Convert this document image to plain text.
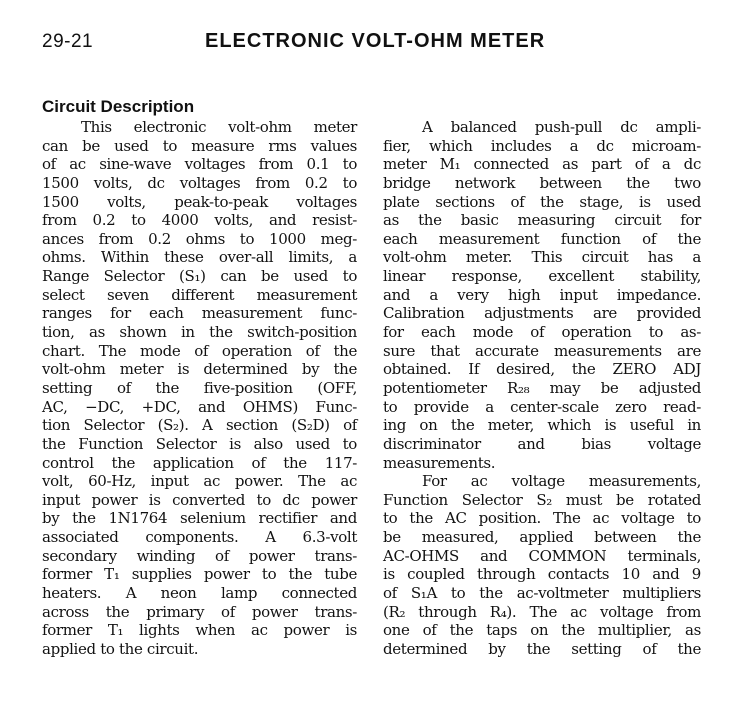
29-21	ELECTRONIC VOLT-OHM METER
Circuit Description
This electronic volt-ohm meter
can be used to measure rms values
of ac sine-wave voltages from 0.1 to
1500 volts, dc voltages from 0.2 to
1500 volts, peak-to-peak voltages
from 0.2 to 4000 volts, and resist-
ances from 0.2 ohms to 1000 meg-
ohms. Within these over-all limits, a
Range Selector (S₁) can be used to
select seven different measurement
ranges for each measurement func-
tion, as shown in the switch-position
chart. The mode of operation of the
volt-ohm meter is determined by the
setting of the five-position (OFF,
AC, −DC, +DC, and OHMS) Func-
tion Selector (S₂). A section (S₂D) of
the Function Selector is also used to
control the application of the 117-
volt, 60-Hz, input ac power. The ac
input power is converted to dc power
by the 1N1764 selenium rectifier and
associated components. A 6.3-volt
secondary winding of power trans-
former T₁ supplies power to the tube
heaters. A neon lamp connected
across the primary of power trans-
former T₁ lights when ac power is
applied to the circuit.
A balanced push-pull dc ampli-
fier, which includes a dc microam-
meter M₁ connected as part of a dc
bridge network between the two
plate sections of the stage, is used
as the basic measuring circuit for
each measurement function of the
volt-ohm meter. This circuit has a
linear response, excellent stability,
and a very high input impedance.
Calibration adjustments are provided
for each mode of operation to as-
sure that accurate measurements are
obtained. If desired, the ZERO ADJ
potentiometer R₂₈ may be adjusted
to provide a center-scale zero read-
ing on the meter, which is useful in
discriminator and bias voltage
measurements.
For ac voltage measurements,
Function Selector S₂ must be rotated
to the AC position. The ac voltage to
be measured, applied between the
AC-OHMS and COMMON terminals,
is coupled through contacts 10 and 9
of S₁A to the ac-voltmeter multipliers
(R₂ through R₄). The ac voltage from
one of the taps on the multiplier, as
determined by the setting of the
